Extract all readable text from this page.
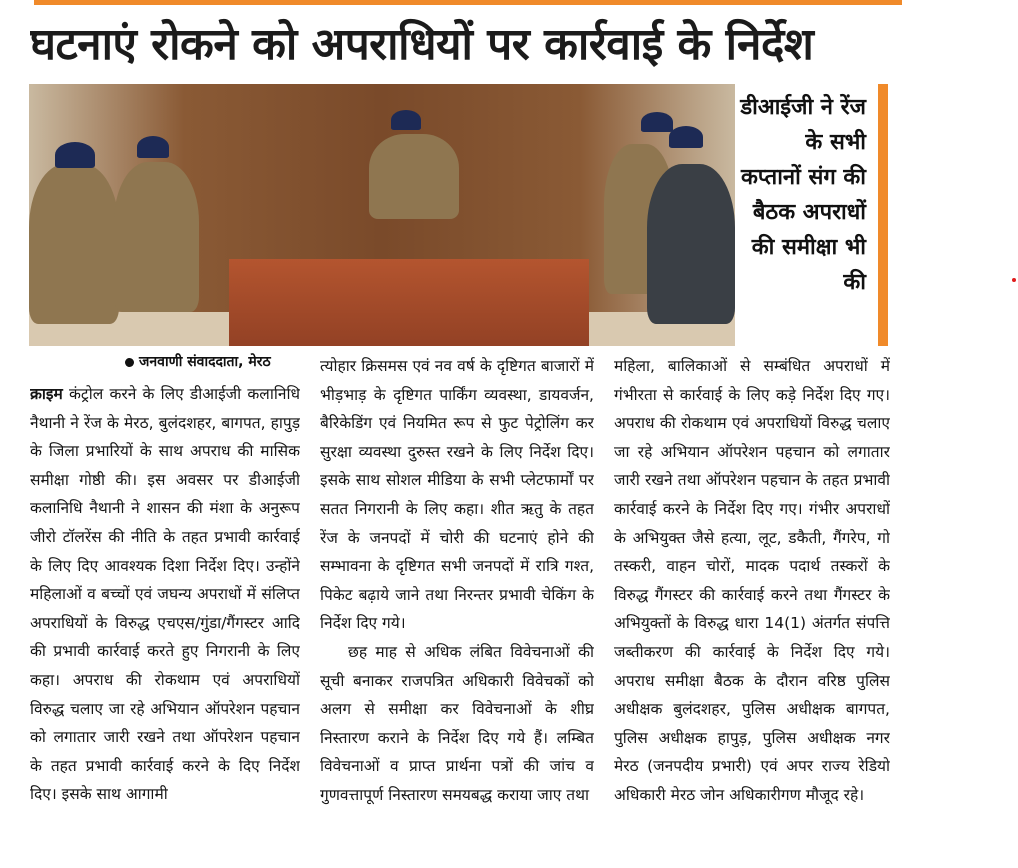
घटनाएं रोकने को अपराधियों पर कार्रवाई के निर्देश
डीआईजी ने रेंज के सभी कप्तानों संग की बैठक अपराधों की समीक्षा भी की
जनवाणी संवाददाता, मेरठ

क्राइम कंट्रोल करने के लिए डीआईजी कलानिधि नैथानी ने रेंज के मेरठ, बुलंदशहर, बागपत, हापुड़ के जिला प्रभारियों के साथ अपराध की मासिक समीक्षा गोष्ठी की। इस अवसर पर डीआईजी कलानिधि नैथानी ने शासन की मंशा के अनुरूप जीरो टॉलरेंस की नीति के तहत प्रभावी कार्रवाई के लिए दिए आवश्यक दिशा निर्देश दिए। उन्होंने महिलाओं व बच्चों एवं जघन्य अपराधों में संलिप्त अपराधियों के विरुद्ध एचएस/गुंडा/गैंगस्टर आदि की प्रभावी कार्रवाई करते हुए निगरानी के लिए कहा। अपराध की रोकथाम एवं अपराधियों विरुद्ध चलाए जा रहे अभियान ऑपरेशन पहचान को लगातार जारी रखने तथा ऑपरेशन पहचान के तहत प्रभावी कार्रवाई करने के दिए निर्देश दिए। इसके साथ आगामी

त्योहार क्रिसमस एवं नव वर्ष के दृष्टिगत बाजारों में भीड़भाड़ के दृष्टिगत पार्किंग व्यवस्था, डायवर्जन, बैरिकेडिंग एवं नियमित रूप से फुट पेट्रोलिंग कर सुरक्षा व्यवस्था दुरुस्त रखने के लिए निर्देश दिए। इसके साथ सोशल मीडिया के सभी प्लेटफार्मों पर सतत निगरानी के लिए कहा। शीत ऋतु के तहत रेंज के जनपदों में चोरी की घटनाएं होने की सम्भावना के दृष्टिगत सभी जनपदों में रात्रि गश्त, पिकेट बढ़ाये जाने तथा निरन्तर प्रभावी चेकिंग के निर्देश दिए गये।

छह माह से अधिक लंबित विवेचनाओं की सूची बनाकर राजपत्रित अधिकारी विवेचकों को अलग से समीक्षा कर विवेचनाओं के शीघ्र निस्तारण कराने के निर्देश दिए गये हैं। लम्बित विवेचनाओं व प्राप्त प्रार्थना पत्रों की जांच व गुणवत्तापूर्ण निस्तारण समयबद्ध कराया जाए तथा

महिला, बालिकाओं से सम्बंधित अपराधों में गंभीरता से कार्रवाई के लिए कड़े निर्देश दिए गए। अपराध की रोकथाम एवं अपराधियों विरुद्ध चलाए जा रहे अभियान ऑपरेशन पहचान को लगातार जारी रखने तथा ऑपरेशन पहचान के तहत प्रभावी कार्रवाई करने के निर्देश दिए गए। गंभीर अपराधों के अभियुक्त जैसे हत्या, लूट, डकैती, गैंगरेप, गो तस्करी, वाहन चोरों, मादक पदार्थ तस्करों के विरुद्ध गैंगस्टर की कार्रवाई करने तथा गैंगस्टर के अभियुक्तों के विरुद्ध धारा 14(1) अंतर्गत संपत्ति जब्तीकरण की कार्रवाई के निर्देश दिए गये। अपराध समीक्षा बैठक के दौरान वरिष्ठ पुलिस अधीक्षक बुलंदशहर, पुलिस अधीक्षक बागपत, पुलिस अधीक्षक हापुड़, पुलिस अधीक्षक नगर मेरठ (जनपदीय प्रभारी) एवं अपर राज्य रेडियो अधिकारी मेरठ जोन अधिकारीगण मौजूद रहे।
